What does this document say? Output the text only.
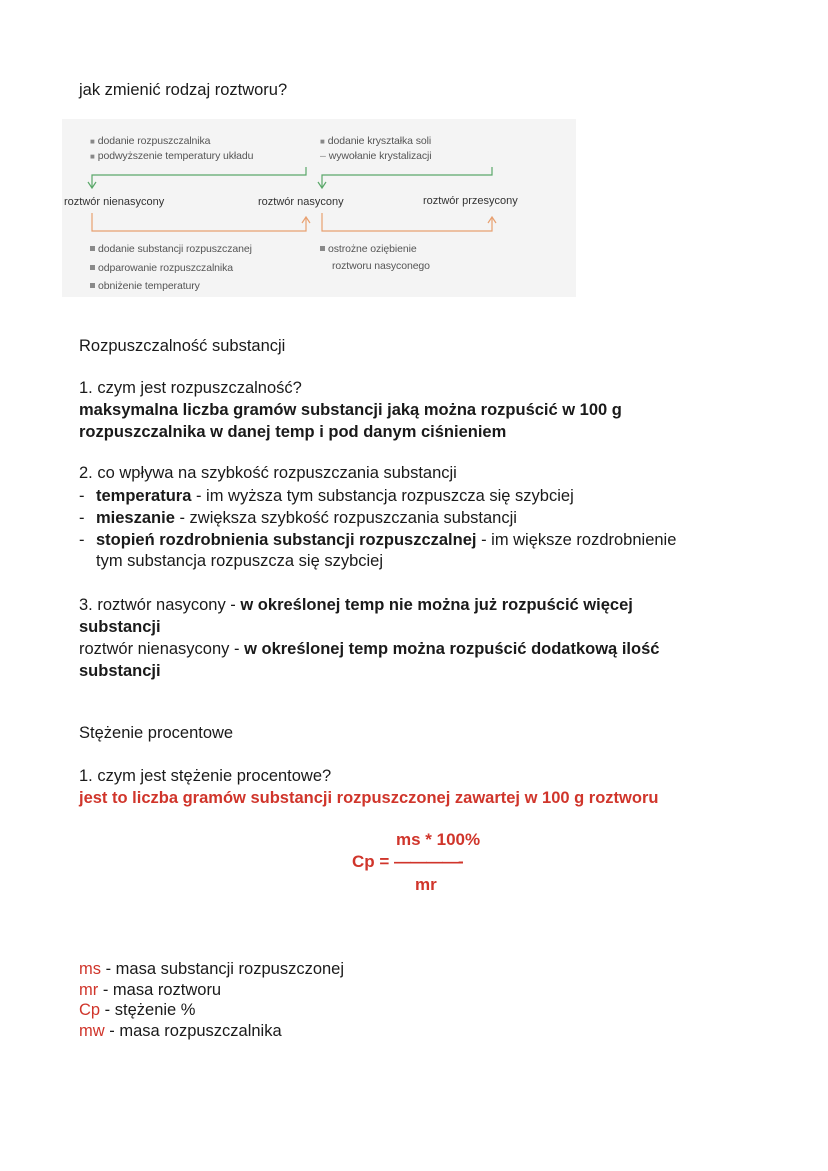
jak zmienić rodzaj roztworu?
■ dodanie rozpuszczalnika
■ podwyższenie temperatury układu
■ dodanie kryształka soli
– wywołanie krystalizacji
roztwór nienasycony	roztwór nasycony	roztwór przesycony
dodanie substancji rozpuszczanej
odparowanie rozpuszczalnika
obniżenie temperatury
ostrożne oziębienie
roztworu nasyconego
Rozpuszczalność substancji
1. czym jest rozpuszczalność?
maksymalna liczba gramów substancji jaką można rozpuścić w 100 g
rozpuszczalnika w danej temp i pod danym ciśnieniem
2. co wpływa na szybkość rozpuszczania substancji
- temperatura - im wyższa tym substancja rozpuszcza się szybciej
- mieszanie - zwiększa szybkość rozpuszczania substancji
- stopień rozdrobnienia substancji rozpuszczalnej - im większe rozdrobnienie
tym substancja rozpuszcza się szybciej
3. roztwór nasycony - w określonej temp nie można już rozpuścić więcej
substancji
roztwór nienasycony - w określonej temp można rozpuścić dodatkową ilość
substancji
Stężenie procentowe
1. czym jest stężenie procentowe?
jest to liczba gramów substancji rozpuszczonej zawartej w 100 g roztworu
ms * 100%
Cp = ————-
mr
ms - masa substancji rozpuszczonej
mr - masa roztworu
Cp - stężenie %
mw - masa rozpuszczalnika
